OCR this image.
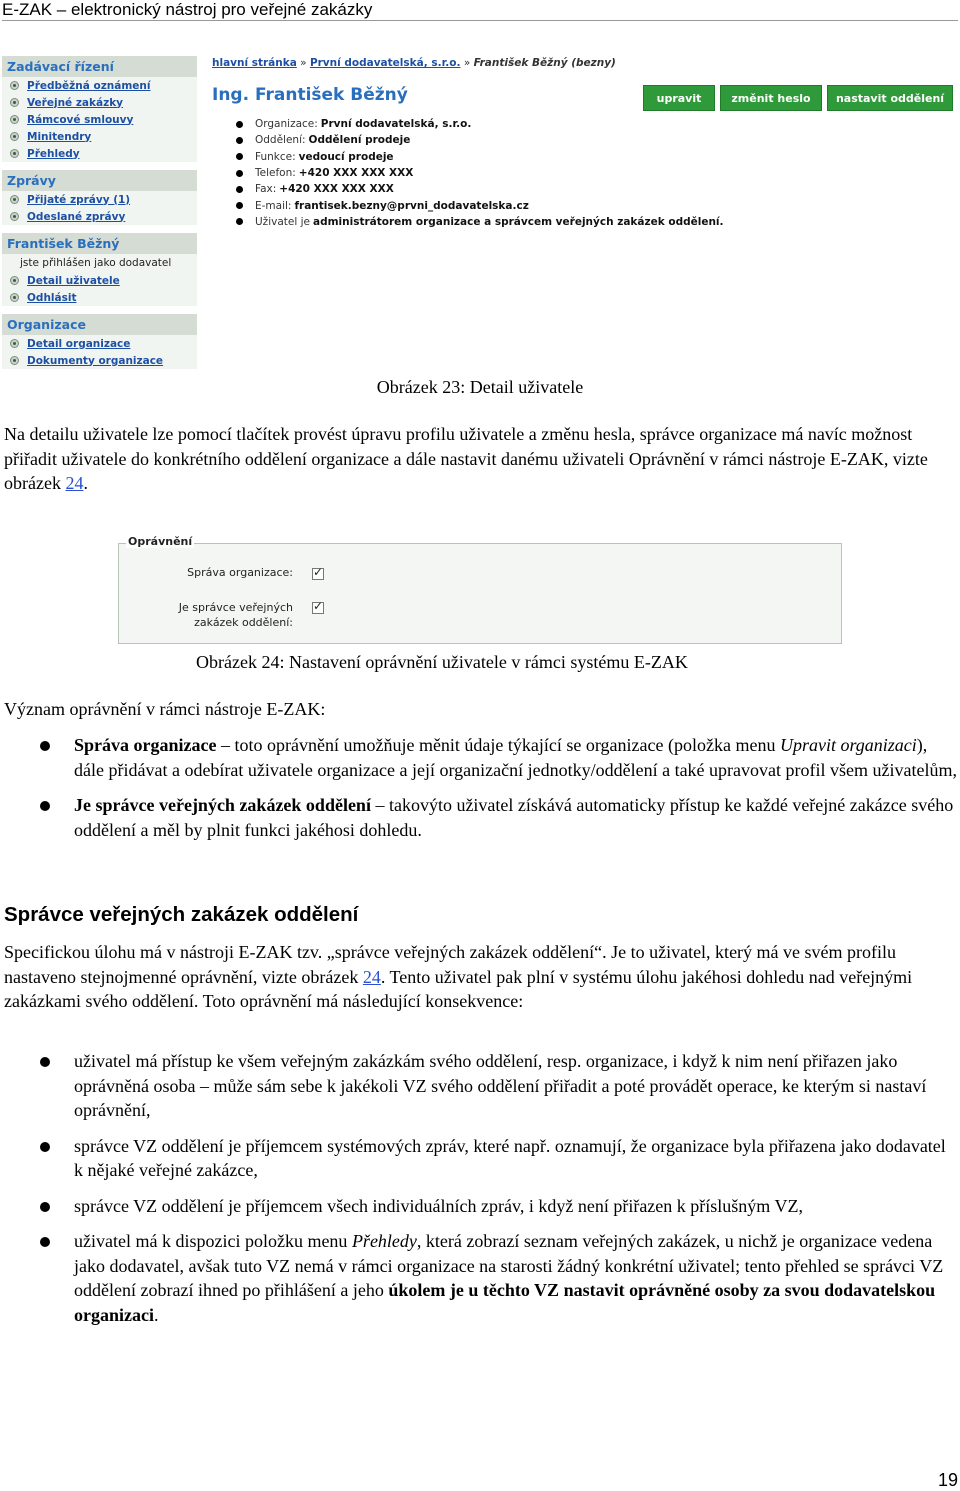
E-ZAK – elektronický nástroj pro veřejné zakázky
Zadávací řízení
Předběžná oznámení
Veřejné zakázky
Rámcové smlouvy
Minitendry
Přehledy
Zprávy
Přijaté zprávy (1)
Odeslané zprávy
František Běžný
jste přihlášen jako dodavatel
Detail uživatele
Odhlásit
Organizace
Detail organizace
Dokumenty organizace
hlavní stránka » První dodavatelská, s.r.o. » František Běžný (bezny)
Ing. František Běžný	upravit	změnit heslo	nastavit oddělení
Organizace: První dodavatelská, s.r.o.
Oddělení: Oddělení prodeje
Funkce: vedoucí prodeje
Telefon: +420 XXX XXX XXX
Fax: +420 XXX XXX XXX
E-mail: frantisek.bezny@prvni_dodavatelska.cz
Uživatel je administrátorem organizace a správcem veřejných zakázek oddělení.
Obrázek 23: Detail uživatele

Na detailu uživatele lze pomocí tlačítek provést úpravu profilu uživatele a změnu hesla, správce organizace má navíc možnost přiřadit uživatele do konkrétního oddělení organizace a dále nastavit danému uživateli Oprávnění v rámci nástroje E-ZAK, vizte obrázek 24.

Oprávnění
Správa organizace:
✓
Je správce veřejných
zakázek oddělení:
✓
Obrázek 24: Nastavení oprávnění uživatele v rámci systému E-ZAK

Význam oprávnění v rámci nástroje E-ZAK:

Správa organizace – toto oprávnění umožňuje měnit údaje týkající se organizace (položka menu Upravit organizaci), dále přidávat a odebírat uživatele organizace a její organizační jednotky/oddělení a také upravovat profil všem uživatelům,
Je správce veřejných zakázek oddělení – takovýto uživatel získává automaticky přístup ke každé veřejné zakázce svého oddělení a měl by plnit funkci jakéhosi dohledu.
Správce veřejných zakázek oddělení

Specifickou úlohu má v nástroji E-ZAK tzv. „správce veřejných zakázek oddělení“. Je to uživatel, který má ve svém profilu nastaveno stejnojmenné oprávnění, vizte obrázek 24. Tento uživatel pak plní v systému úlohu jakéhosi dohledu nad veřejnými zakázkami svého oddělení. Toto oprávnění má následující konsekvence:

uživatel má přístup ke všem veřejným zakázkám svého oddělení, resp. organizace, i když k nim není přiřazen jako oprávněná osoba – může sám sebe k jakékoli VZ svého oddělení přiřadit a poté provádět operace, ke kterým si nastaví oprávnění,
správce VZ oddělení je příjemcem systémových zpráv, které např. oznamují, že organizace byla přiřazena jako dodavatel k nějaké veřejné zakázce,
správce VZ oddělení je příjemcem všech individuálních zpráv, i když není přiřazen k příslušným VZ,
uživatel má k dispozici položku menu Přehledy, která zobrazí seznam veřejných zakázek, u nichž je organizace vedena jako dodavatel, avšak tuto VZ nemá v rámci organizace na starosti žádný konkrétní uživatel; tento přehled se správci VZ oddělení zobrazí ihned po přihlášení a jeho úkolem je u těchto VZ nastavit oprávněné osoby za svou dodavatelskou organizaci.
19
